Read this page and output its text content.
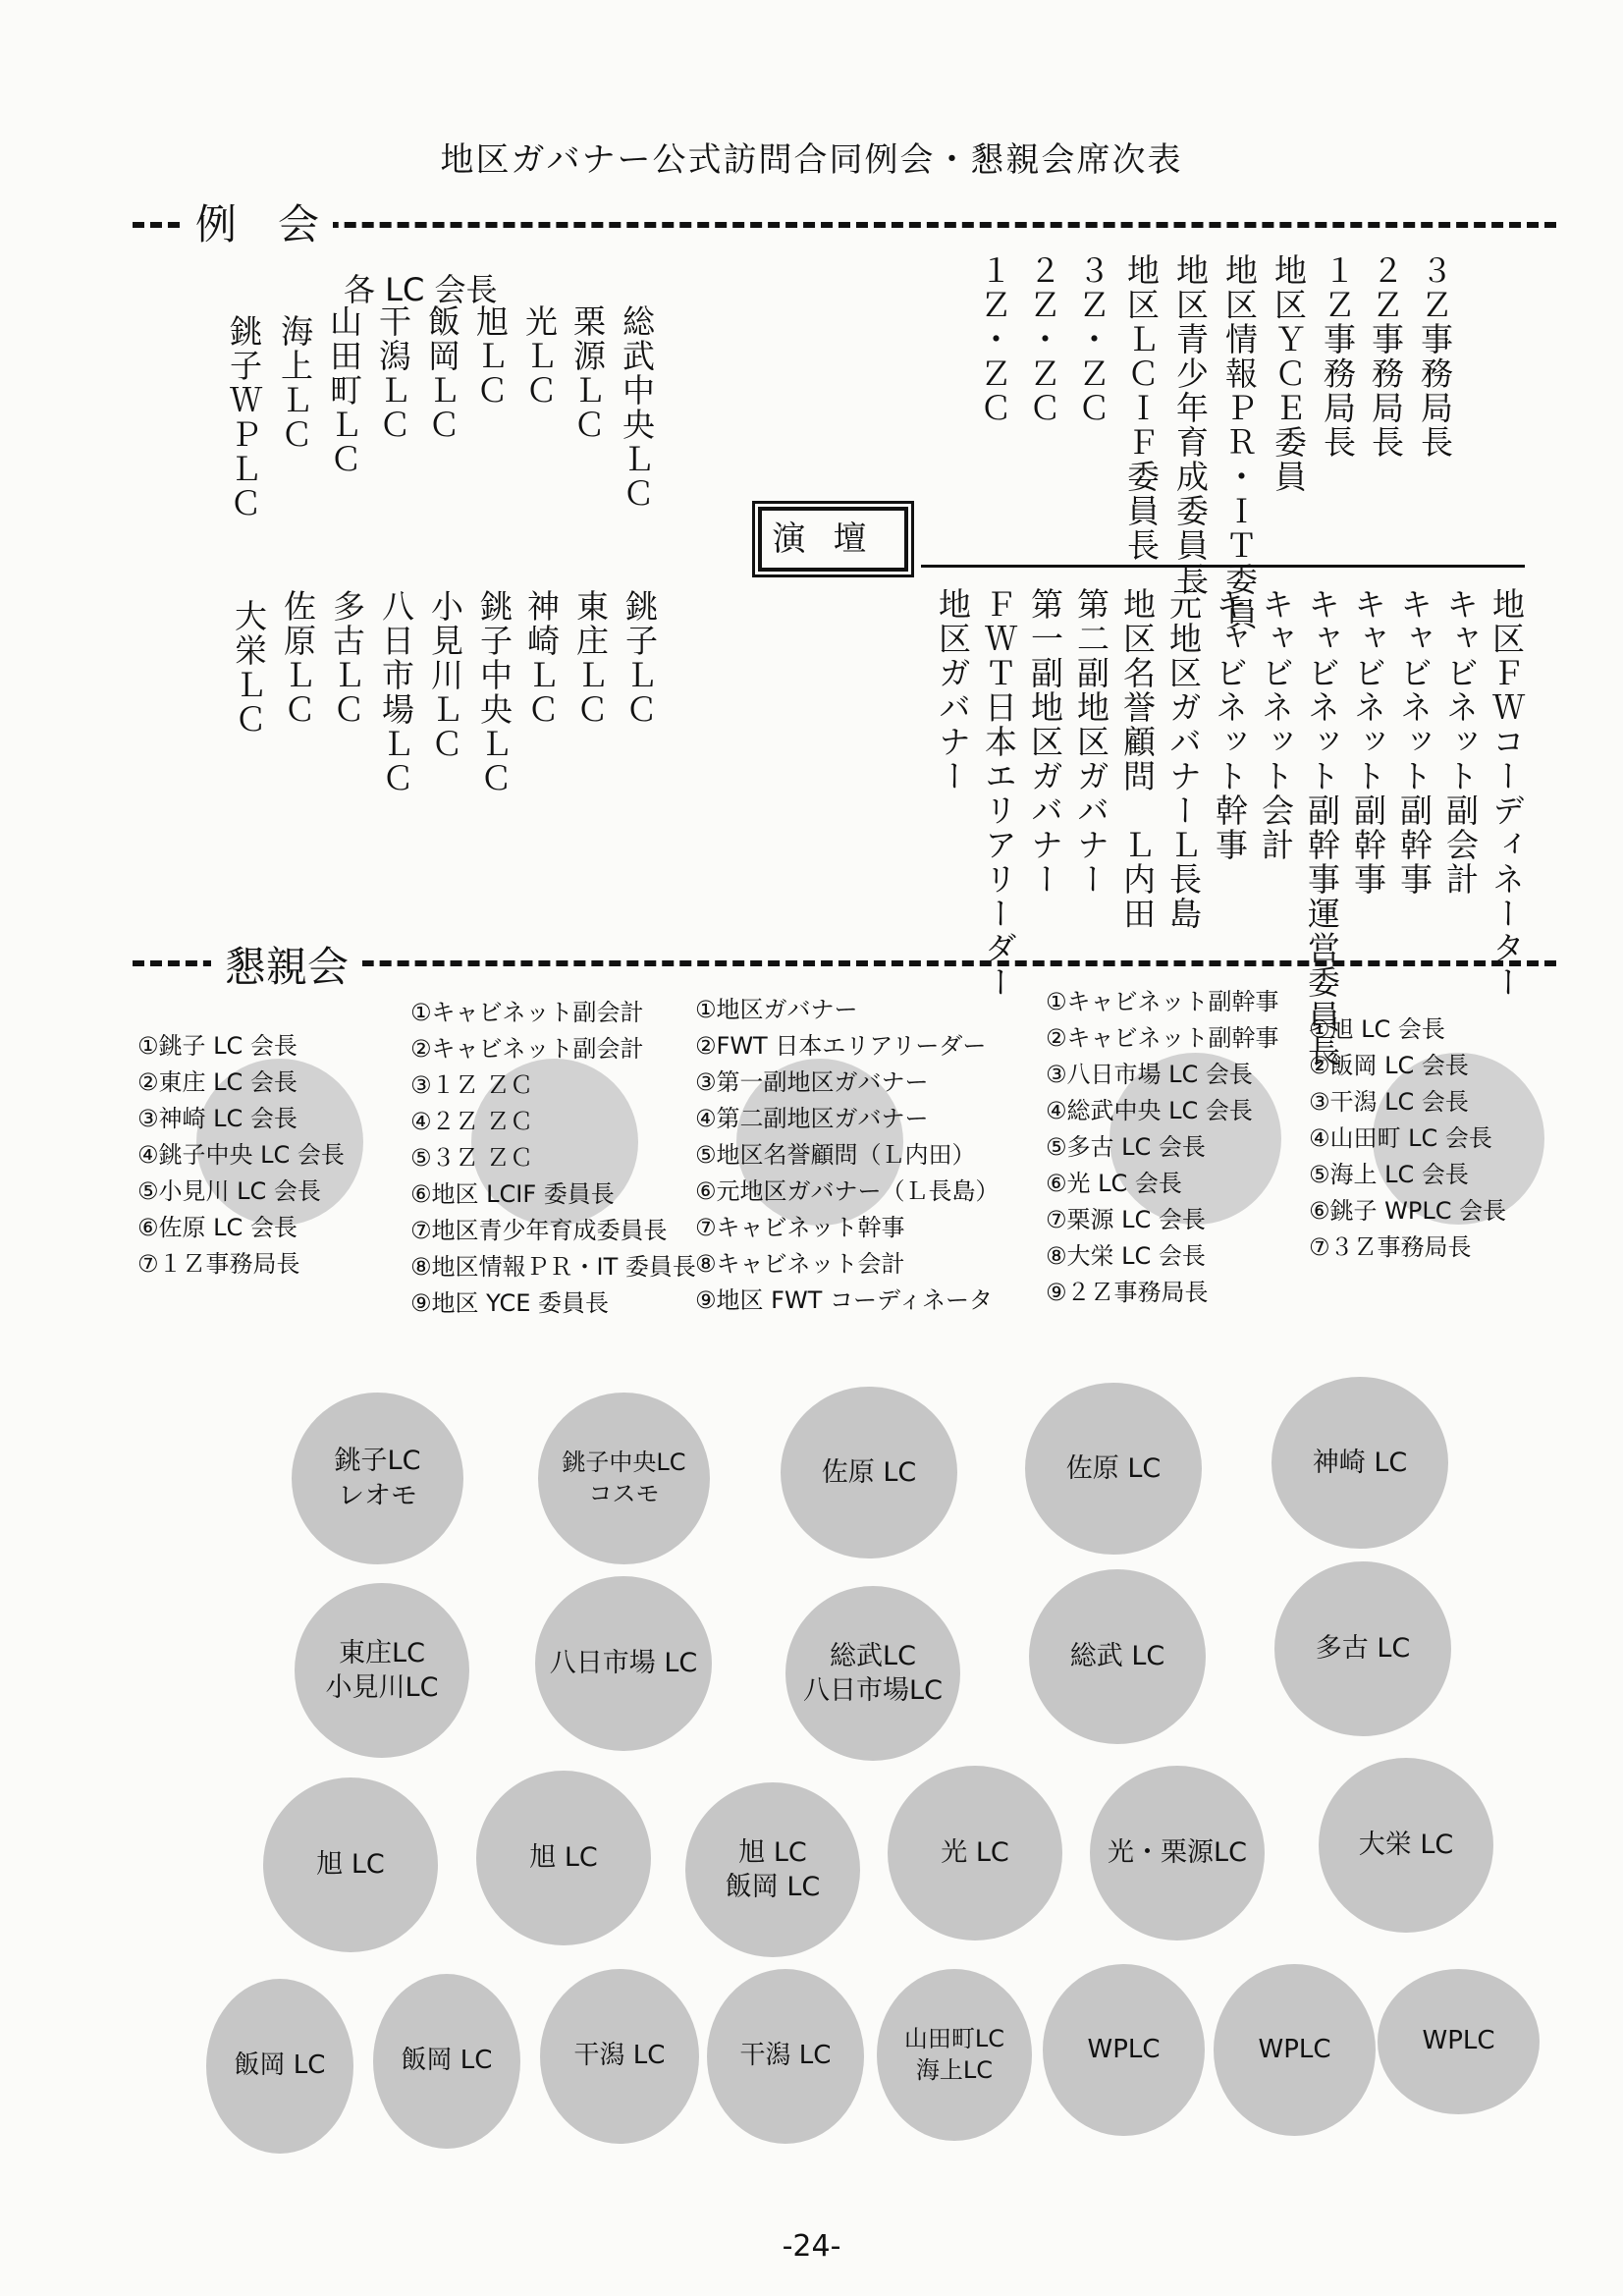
地区ガバナー公式訪問合同例会・懇親会席次表
例　会
各 LC 会長
総武中央ＬＣ
栗源ＬＣ
光ＬＣ
旭ＬＣ
飯岡ＬＣ
干潟ＬＣ
山田町ＬＣ
海上ＬＣ
銚子ＷＰＬＣ
銚子ＬＣ
東庄ＬＣ
神崎ＬＣ
銚子中央ＬＣ
小見川ＬＣ
八日市場ＬＣ
多古ＬＣ
佐原ＬＣ
大栄ＬＣ
演壇
３Ｚ事務局長
２Ｚ事務局長
１Ｚ事務局長
地区ＹＣＥ委員
地区情報ＰＲ・ＩＴ委員
地区青少年育成委員長
地区ＬＣＩＦ委員長
３Ｚ・ＺＣ
２Ｚ・ＺＣ
１Ｚ・ＺＣ
地区ＦＷコーディネーター
キャビネット副会計
キャビネット副幹事
キャビネット副幹事
キャビネット副幹事運営委員長
キャビネット会計
キャビネット幹事
元地区ガバナーＬ長島
地区名誉顧問　Ｌ内田
第二副地区ガバナー
第一副地区ガバナー
ＦＷＴ日本エリアリーダー
地区ガバナー
懇親会
①銚子 LC 会長
②東庄 LC 会長
③神崎 LC 会長
④銚子中央 LC 会長
⑤小見川 LC 会長
⑥佐原 LC 会長
⑦１Ｚ事務局長
①キャビネット副会計
②キャビネット副会計
③１Ｚ ＺＣ
④２Ｚ ＺＣ
⑤３Ｚ ＺＣ
⑥地区 LCIF 委員長
⑦地区青少年育成委員長
⑧地区情報ＰＲ・IT 委員長
⑨地区 YCE 委員長
①地区ガバナー
②FWT 日本エリアリーダー
③第一副地区ガバナー
④第二副地区ガバナー
⑤地区名誉顧問（Ｌ内田）
⑥元地区ガバナー（Ｌ長島）
⑦キャビネット幹事
⑧キャビネット会計
⑨地区 FWT コーディネータ
①キャビネット副幹事
②キャビネット副幹事
③八日市場 LC 会長
④総武中央 LC 会長
⑤多古 LC 会長
⑥光 LC 会長
⑦栗源 LC 会長
⑧大栄 LC 会長
⑨２Ｚ事務局長
①旭 LC 会長
②飯岡 LC 会長
③干潟 LC 会長
④山田町 LC 会長
⑤海上 LC 会長
⑥銚子 WPLC 会長
⑦３Ｚ事務局長
銚子LC
レオモ
銚子中央LC
コスモ
佐原 LC	佐原 LC	神崎 LC
東庄LC
小見川LC
八日市場 LC	総武LC
八日市場LC
総武 LC	多古 LC
旭 LC	旭 LC	旭 LC
飯岡 LC
光 LC	光・栗源LC	大栄 LC
飯岡 LC	飯岡 LC	干潟 LC	干潟 LC
山田町LC
海上LC
WPLC	WPLC	WPLC
-24-
